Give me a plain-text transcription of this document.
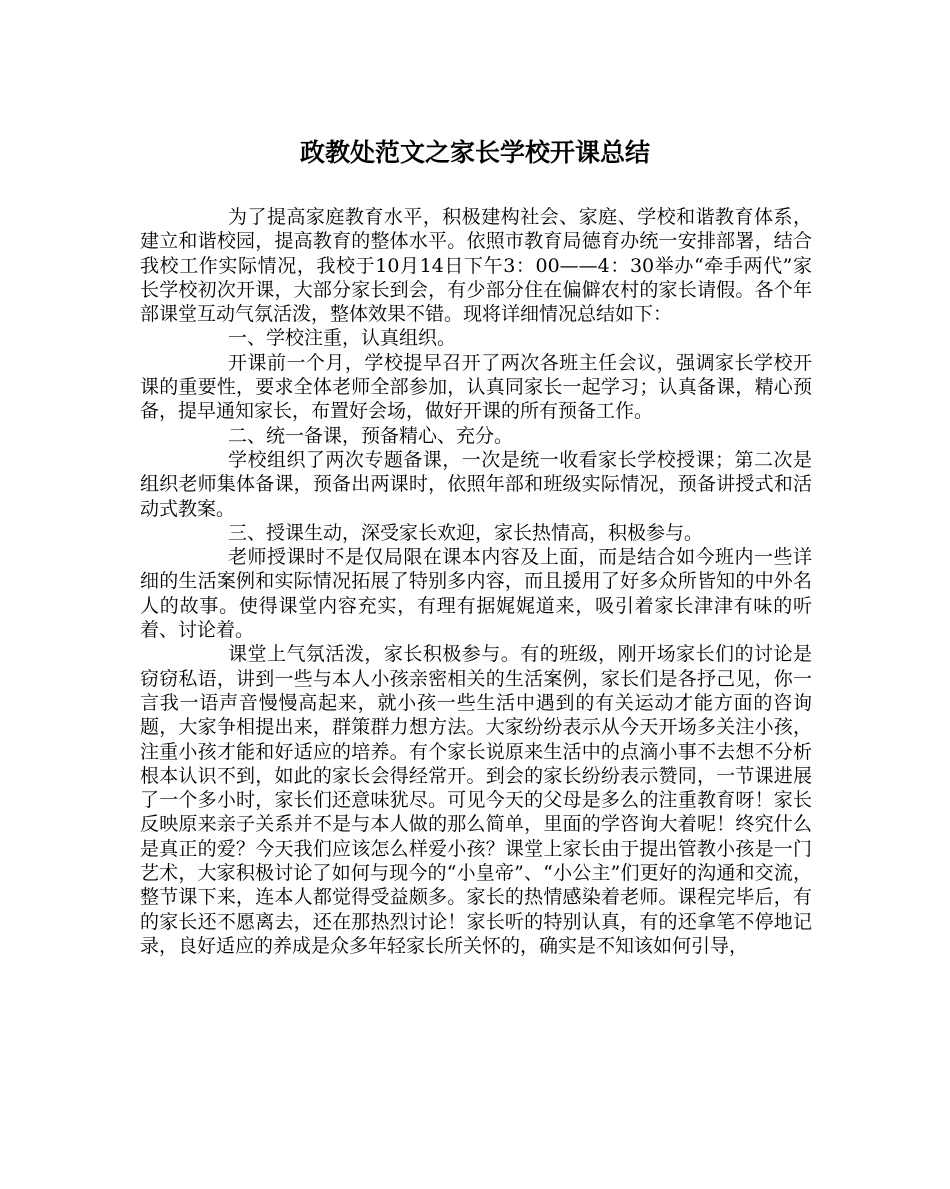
政教处范文之家长学校开课总结

为了提高家庭教育水平，积极建构社会、家庭、学校和谐教育体系，建立和谐校园，提高教育的整体水平。依照市教育局德育办统一安排部署，结合我校工作实际情况，我校于10月14日下午3：00——4：30举办“牵手两代”家长学校初次开课，大部分家长到会，有少部分住在偏僻农村的家长请假。各个年部课堂互动气氛活泼，整体效果不错。现将详细情况总结如下：

一、学校注重，认真组织。

开课前一个月，学校提早召开了两次各班主任会议，强调家长学校开课的重要性，要求全体老师全部参加，认真同家长一起学习；认真备课，精心预备，提早通知家长，布置好会场，做好开课的所有预备工作。

二、统一备课，预备精心、充分。

学校组织了两次专题备课，一次是统一收看家长学校授课；第二次是组织老师集体备课，预备出两课时，依照年部和班级实际情况，预备讲授式和活动式教案。

三、授课生动，深受家长欢迎，家长热情高，积极参与。

老师授课时不是仅局限在课本内容及上面，而是结合如今班内一些详细的生活案例和实际情况拓展了特别多内容，而且援用了好多众所皆知的中外名人的故事。使得课堂内容充实，有理有据娓娓道来，吸引着家长津津有味的听着、讨论着。

课堂上气氛活泼，家长积极参与。有的班级，刚开场家长们的讨论是窃窃私语，讲到一些与本人小孩亲密相关的生活案例，家长们是各抒己见，你一言我一语声音慢慢高起来，就小孩一些生活中遇到的有关运动才能方面的咨询题，大家争相提出来，群策群力想方法。大家纷纷表示从今天开场多关注小孩，注重小孩才能和好适应的培养。有个家长说原来生活中的点滴小事不去想不分析根本认识不到，如此的家长会得经常开。到会的家长纷纷表示赞同，一节课进展了一个多小时，家长们还意味犹尽。可见今天的父母是多么的注重教育呀！家长反映原来亲子关系并不是与本人做的那么简单，里面的学咨询大着呢！终究什么是真正的爱？今天我们应该怎么样爱小孩？课堂上家长由于提出管教小孩是一门艺术，大家积极讨论了如何与现今的“小皇帝”、“小公主”们更好的沟通和交流，整节课下来，连本人都觉得受益颇多。家长的热情感染着老师。课程完毕后，有的家长还不愿离去，还在那热烈讨论！家长听的特别认真，有的还拿笔不停地记录，良好适应的养成是众多年轻家长所关怀的，确实是不知该如何引导，
